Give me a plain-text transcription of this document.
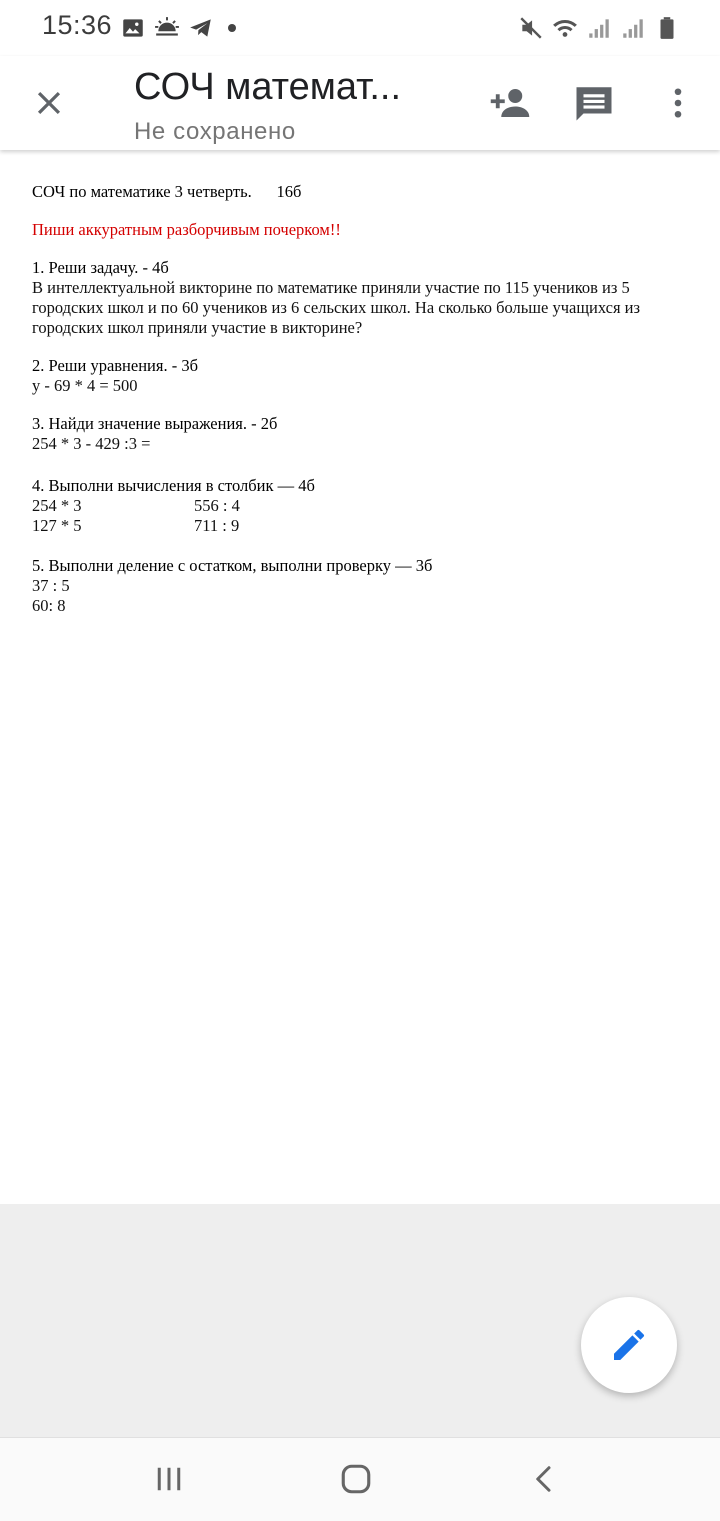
15:36
СОЧ математ...
Не сохранено
СОЧ по математике 3 четверть.      16б
Пиши аккуратным разборчивым почерком!!
1. Реши задачу. - 4б
В интеллектуальной викторине по математике приняли участие по 115 учеников из 5
городских школ и по 60 учеников из 6 сельских школ. На сколько больше учащихся из
городских школ приняли участие в викторине?
2. Реши уравнения. - 3б
у - 69 * 4 = 500
3. Найди значение выражения. - 2б
254 * 3 - 429 :3 =
4. Выполни вычисления в столбик — 4б
254 * 3	556 : 4
127 * 5	711 : 9
5. Выполни деление с остатком, выполни проверку — 3б
37 : 5
60: 8
